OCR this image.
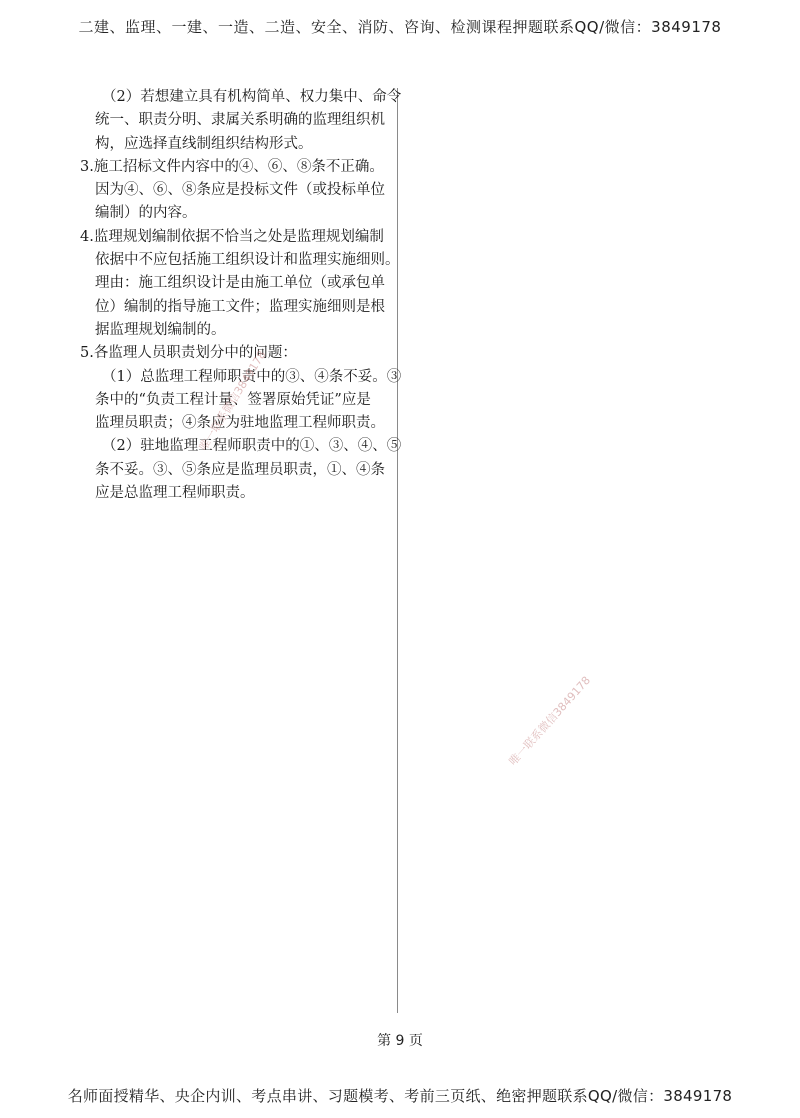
二建、监理、一建、一造、二造、安全、消防、咨询、检测课程押题联系QQ/微信：3849178
（2）若想建立具有机构简单、权力集中、命令
统一、职责分明、隶属关系明确的监理组织机
构，应选择直线制组织结构形式。
3.施工招标文件内容中的④、⑥、⑧条不正确。
因为④、⑥、⑧条应是投标文件（或投标单位
编制）的内容。
4.监理规划编制依据不恰当之处是监理规划编制
依据中不应包括施工组织设计和监理实施细则。
理由：施工组织设计是由施工单位（或承包单
位）编制的指导施工文件；监理实施细则是根
据监理规划编制的。
5.各监理人员职责划分中的问题：
（1）总监理工程师职责中的③、④条不妥。③
条中的“负责工程计量、签署原始凭证”应是
监理员职责；④条应为驻地监理工程师职责。
（2）驻地监理工程师职责中的①、③、④、⑤
条不妥。③、⑤条应是监理员职责，①、④条
应是总监理工程师职责。
唯一联系微信3849178
唯一联系微信3849178
第 9 页
名师面授精华、央企内训、考点串讲、习题模考、考前三页纸、绝密押题联系QQ/微信：3849178
